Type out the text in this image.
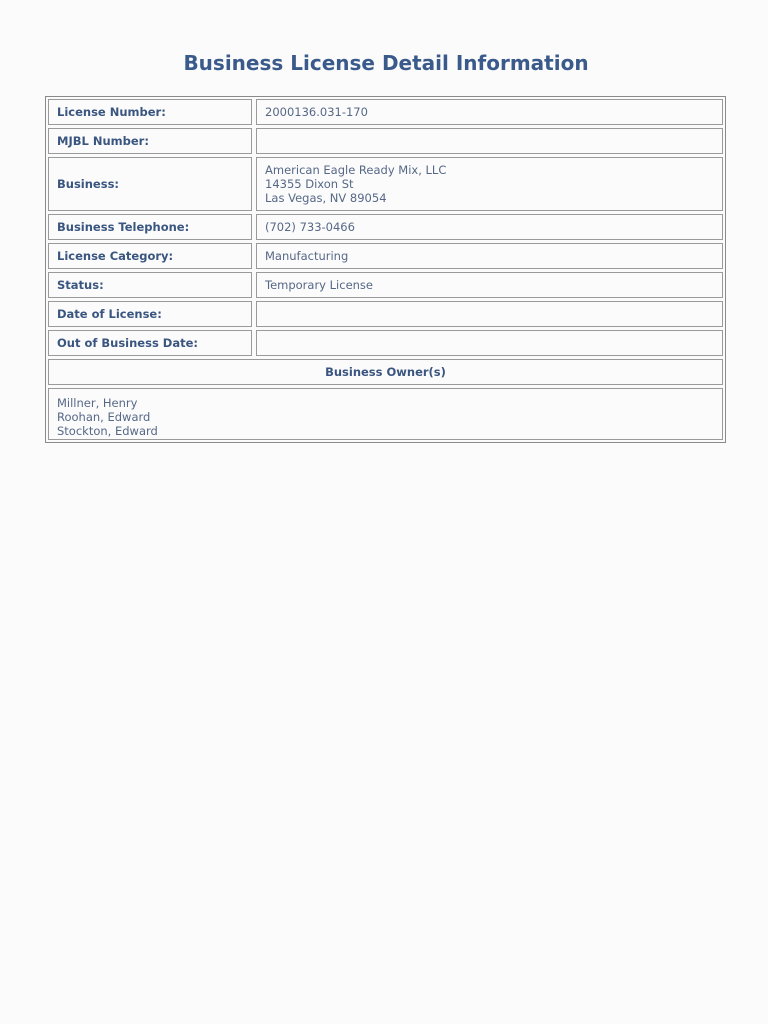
Business License Detail Information
License Number:	2000136.031-170
MJBL Number:
Business:
American Eagle Ready Mix, LLC
14355 Dixon St
Las Vegas, NV 89054
Business Telephone:	(702) 733-0466
License Category:	Manufacturing
Status:	Temporary License
Date of License:
Out of Business Date:
Business Owner(s)
Millner, Henry
Roohan, Edward
Stockton, Edward
